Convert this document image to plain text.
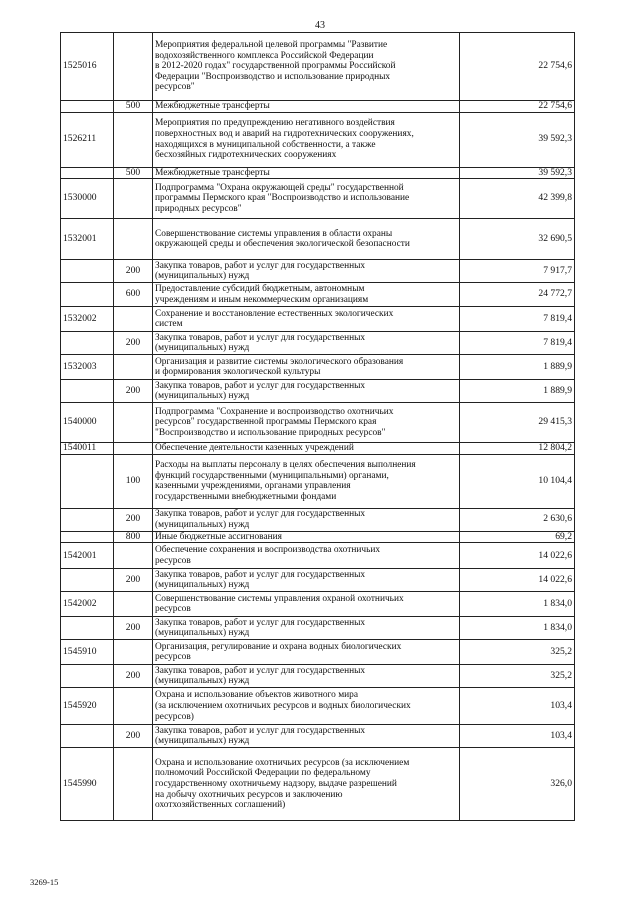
43
1525016		Мероприятия федеральной целевой программы "Развитие
водохозяйственного комплекса Российской Федерации
в 2012-2020 годах" государственной программы Российской
Федерации "Воспроизводство и использование природных
ресурсов"	22 754,6
	500	Межбюджетные трансферты	22 754,6
1526211		Мероприятия по предупреждению негативного воздействия
поверхностных вод и аварий на гидротехнических сооружениях,
находящихся в муниципальной собственности, а также
бесхозяйных гидротехнических сооружениях	39 592,3
	500	Межбюджетные трансферты	39 592,3
1530000		Подпрограмма "Охрана окружающей среды" государственной
программы Пермского края "Воспроизводство и использование
природных ресурсов"	42 399,8
1532001		Совершенствование системы управления в области охраны
окружающей среды и обеспечения экологической безопасности	32 690,5
	200	Закупка товаров, работ и услуг для государственных
(муниципальных) нужд	7 917,7
	600	Предоставление субсидий бюджетным, автономным
учреждениям и иным некоммерческим организациям	24 772,7
1532002		Сохранение и восстановление естественных экологических
систем	7 819,4
	200	Закупка товаров, работ и услуг для государственных
(муниципальных) нужд	7 819,4
1532003		Организация и развитие системы экологического образования
и формирования экологической культуры	1 889,9
	200	Закупка товаров, работ и услуг для государственных
(муниципальных) нужд	1 889,9
1540000		Подпрограмма "Сохранение и воспроизводство охотничьих
ресурсов" государственной программы Пермского края
"Воспроизводство и использование природных ресурсов"	29 415,3
1540011		Обеспечение деятельности казенных учреждений	12 804,2
	100	Расходы на выплаты персоналу в целях обеспечения выполнения
функций государственными (муниципальными) органами,
казенными учреждениями, органами управления
государственными внебюджетными фондами	10 104,4
	200	Закупка товаров, работ и услуг для государственных
(муниципальных) нужд	2 630,6
	800	Иные бюджетные ассигнования	69,2
1542001		Обеспечение сохранения и воспроизводства охотничьих
ресурсов	14 022,6
	200	Закупка товаров, работ и услуг для государственных
(муниципальных) нужд	14 022,6
1542002		Совершенствование системы управления охраной охотничьих
ресурсов	1 834,0
	200	Закупка товаров, работ и услуг для государственных
(муниципальных) нужд	1 834,0
1545910		Организация, регулирование и охрана водных биологических
ресурсов	325,2
	200	Закупка товаров, работ и услуг для государственных
(муниципальных) нужд	325,2
1545920		Охрана и использование объектов животного мира
(за исключением охотничьих ресурсов и водных биологических
ресурсов)	103,4
	200	Закупка товаров, работ и услуг для государственных
(муниципальных) нужд	103,4
1545990		Охрана и использование охотничьих ресурсов (за исключением
полномочий Российской Федерации по федеральному
государственному охотничьему надзору, выдаче разрешений
на добычу охотничьих ресурсов и заключению
охотхозяйственных соглашений)	326,0
3269-15
